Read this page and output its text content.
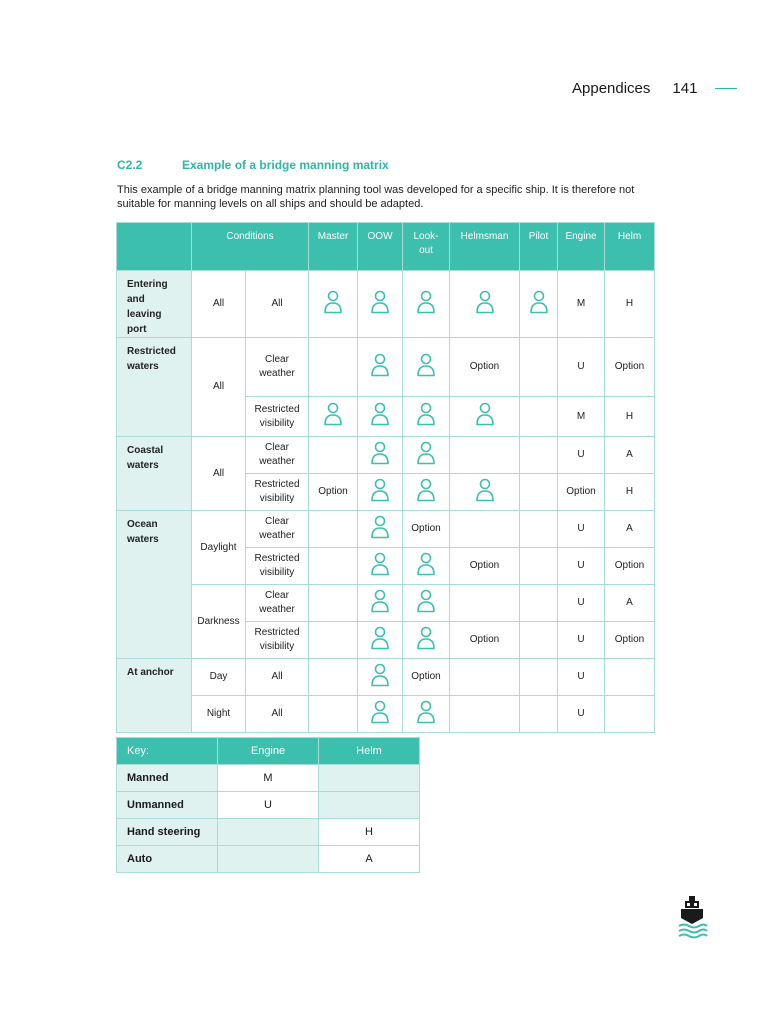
Appendices 141
C2.2	Example of a bridge manning matrix

This example of a bridge manning matrix planning tool was developed for a specific ship. It is therefore not suitable for manning levels on all ships and should be adapted.

	Conditions		Master	OOW	Look-
out	Helmsman	Pilot	Engine	Helm
Entering
and
leaving
port	All	All						M	H
Restricted
waters	All	Clear
weather				Option		U	Option
		Restricted
visibility						M	H
Coastal
waters	All	Clear
weather						U	A
		Restricted
visibility	Option					Option	H
Ocean
waters	Daylight	Clear
weather			Option			U	A
		Restricted
visibility				Option		U	Option
	Darkness	Clear
weather						U	A
		Restricted
visibility				Option		U	Option
At anchor	Day	All			Option			U	
	Night	All						U	
Key:	Engine	Helm
Manned	M	
Unmanned	U	
Hand steering		H
Auto		A
